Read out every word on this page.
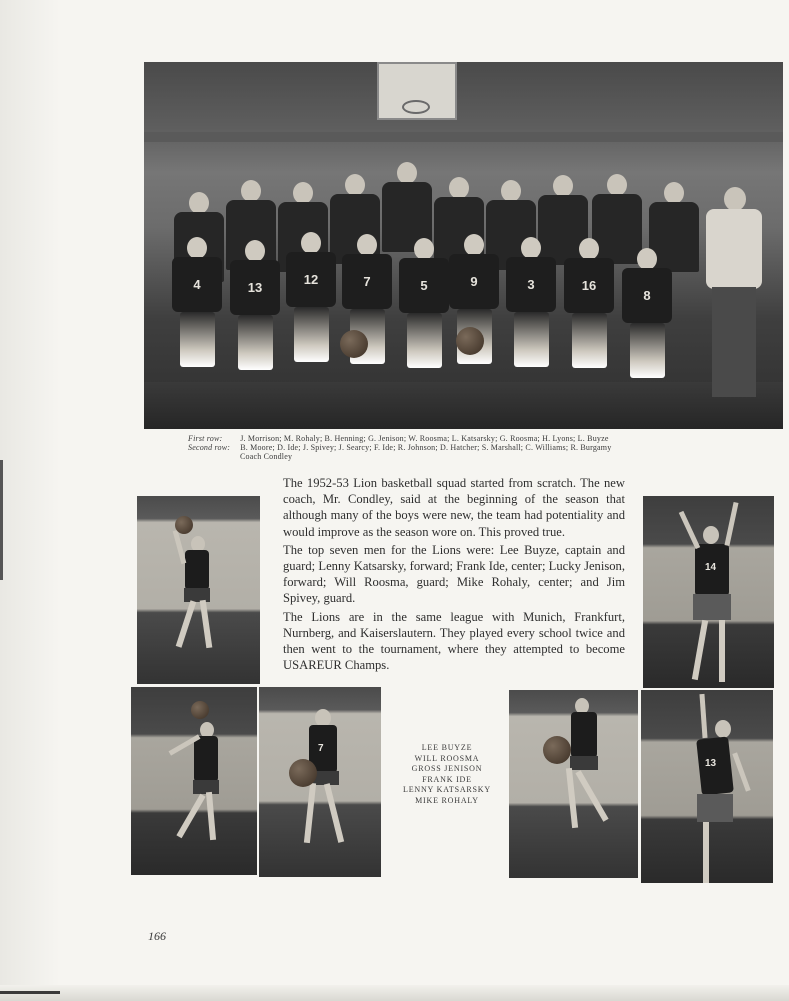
4	13
12	7	5	9	3	16
8
First row: J. Morrison; M. Rohaly; B. Henning; G. Jenison; W. Roosma; L. Katsarsky; G. Roosma; H. Lyons; L. Buyze
Second row: B. Moore; D. Ide; J. Spivey; J. Searcy; F. Ide; R. Johnson; D. Hatcher; S. Marshall; C. Williams; R. Burgamy
Coach Condley

The 1952-53 Lion basketball squad started from scratch. The new coach, Mr. Condley, said at the beginning of the season that although many of the boys were new, the team had potentiality and would improve as the season wore on. This proved true.

The top seven men for the Lions were: Lee Buyze, captain and guard; Lenny Katsarsky, forward; Frank Ide, center; Lucky Jenison, forward; Will Roosma, guard; Mike Rohaly, center; and Jim Spivey, guard.

The Lions are in the same league with Munich, Frankfurt, Nurnberg, and Kaiserslautern. They played every school twice and then went to the tournament, where they attempted to become USAREUR Champs.

14
7
13
LEE BUYZE
WILL ROOSMA
GROSS JENISON
FRANK IDE
LENNY KATSARSKY
MIKE ROHALY
166
